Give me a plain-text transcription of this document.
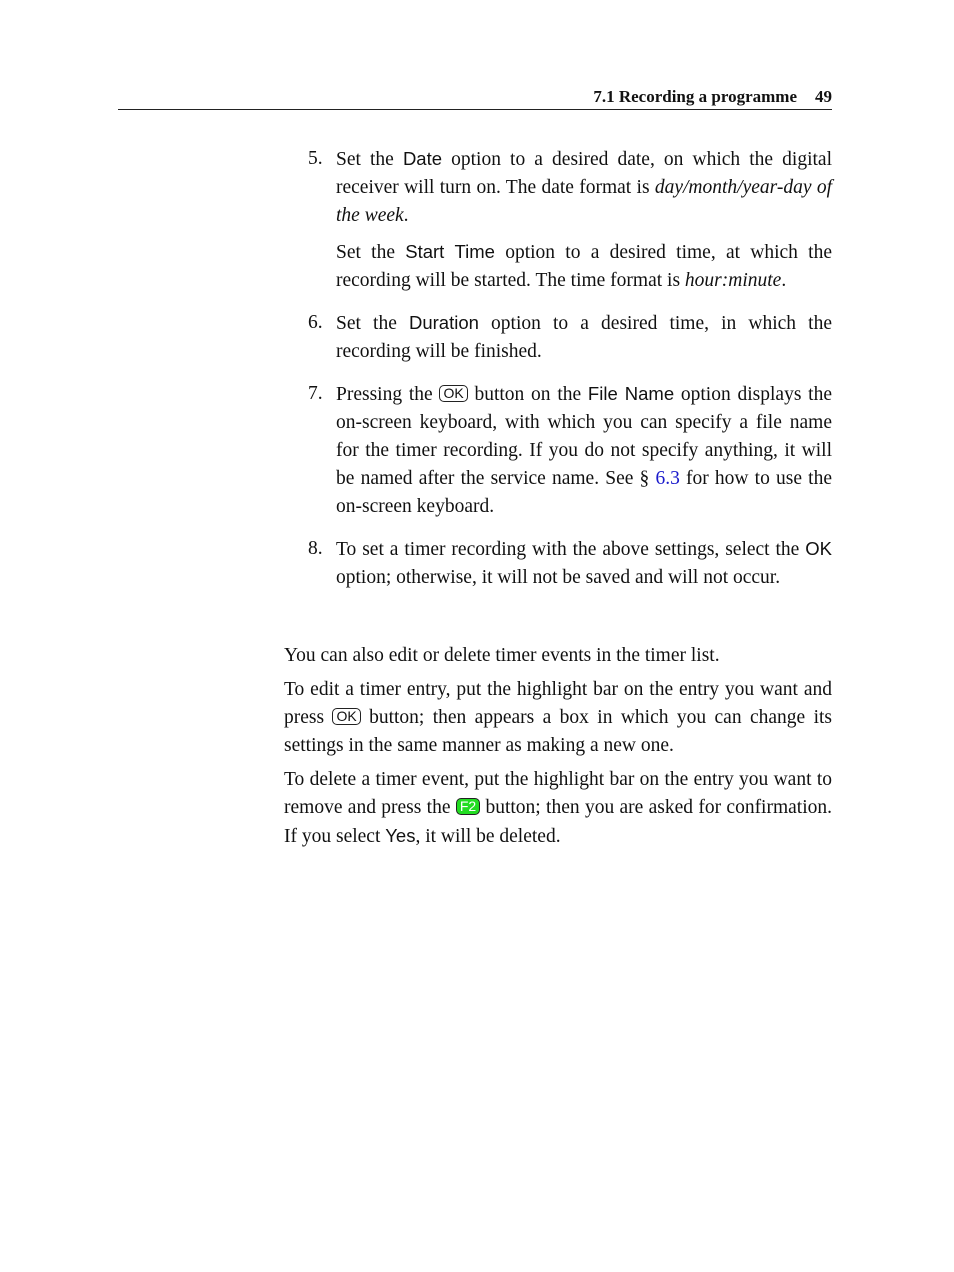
7.1 Recording a programme 49
5. Set the Date option to a desired date, on which the digital receiver will turn on. The date format is day/month/year-day of the week.

Set the Start Time option to a desired time, at which the recording will be started. The time format is hour:minute.

6. Set the Duration option to a desired time, in which the recording will be finished.

7. Pressing the OK button on the File Name option displays the on-screen keyboard, with which you can specify a file name for the timer recording. If you do not specify anything, it will be named after the service name. See § 6.3 for how to use the on-screen keyboard.

8. To set a timer recording with the above settings, select the OK option; otherwise, it will not be saved and will not occur.

You can also edit or delete timer events in the timer list.

To edit a timer entry, put the highlight bar on the entry you want and press OK button; then appears a box in which you can change its settings in the same manner as making a new one.

To delete a timer event, put the highlight bar on the entry you want to remove and press the F2 button; then you are asked for confirmation. If you select Yes, it will be deleted.
